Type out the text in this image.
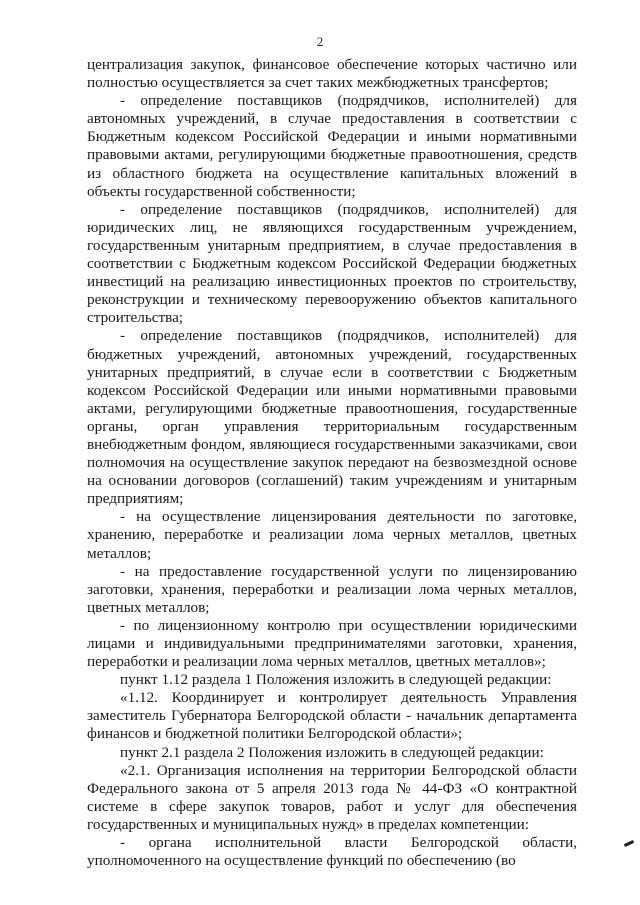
2

централизация закупок, финансовое обеспечение которых частично или полностью осуществляется за счет таких межбюджетных трансфертов;

- определение поставщиков (подрядчиков, исполнителей) для автономных учреждений, в случае предоставления в соответствии с Бюджетным кодексом Российской Федерации и иными нормативными правовыми актами, регулирующими бюджетные правоотношения, средств из областного бюджета на осуществление капитальных вложений в объекты государственной собственности;

- определение поставщиков (подрядчиков, исполнителей) для юридических лиц, не являющихся государственным учреждением, государственным унитарным предприятием, в случае предоставления в соответствии с Бюджетным кодексом Российской Федерации бюджетных инвестиций на реализацию инвестиционных проектов по строительству, реконструкции и техническому перевооружению объектов капитального строительства;

- определение поставщиков (подрядчиков, исполнителей) для бюджетных учреждений, автономных учреждений, государственных унитарных предприятий, в случае если в соответствии с Бюджетным кодексом Российской Федерации или иными нормативными правовыми актами, регулирующими бюджетные правоотношения, государственные органы, орган управления территориальным государственным внебюджетным фондом, являющиеся государственными заказчиками, свои полномочия на осуществление закупок передают на безвозмездной основе на основании договоров (соглашений) таким учреждениям и унитарным предприятиям;

- на осуществление лицензирования деятельности по заготовке, хранению, переработке и реализации лома черных металлов, цветных металлов;

- на предоставление государственной услуги по лицензированию заготовки, хранения, переработки и реализации лома черных металлов, цветных металлов;

- по лицензионному контролю при осуществлении юридическими лицами и индивидуальными предпринимателями заготовки, хранения, переработки и реализации лома черных металлов, цветных металлов»;

пункт 1.12 раздела 1 Положения изложить в следующей редакции:

«1.12. Координирует и контролирует деятельность Управления заместитель Губернатора Белгородской области - начальник департамента финансов и бюджетной политики Белгородской области»;

пункт 2.1 раздела 2 Положения изложить в следующей редакции:

«2.1. Организация исполнения на территории Белгородской области Федерального закона от 5 апреля 2013 года № 44-ФЗ «О контрактной системе в сфере закупок товаров, работ и услуг для обеспечения государственных и муниципальных нужд» в пределах компетенции:

- органа исполнительной власти Белгородской области, уполномоченного на осуществление функций по обеспечению (во
